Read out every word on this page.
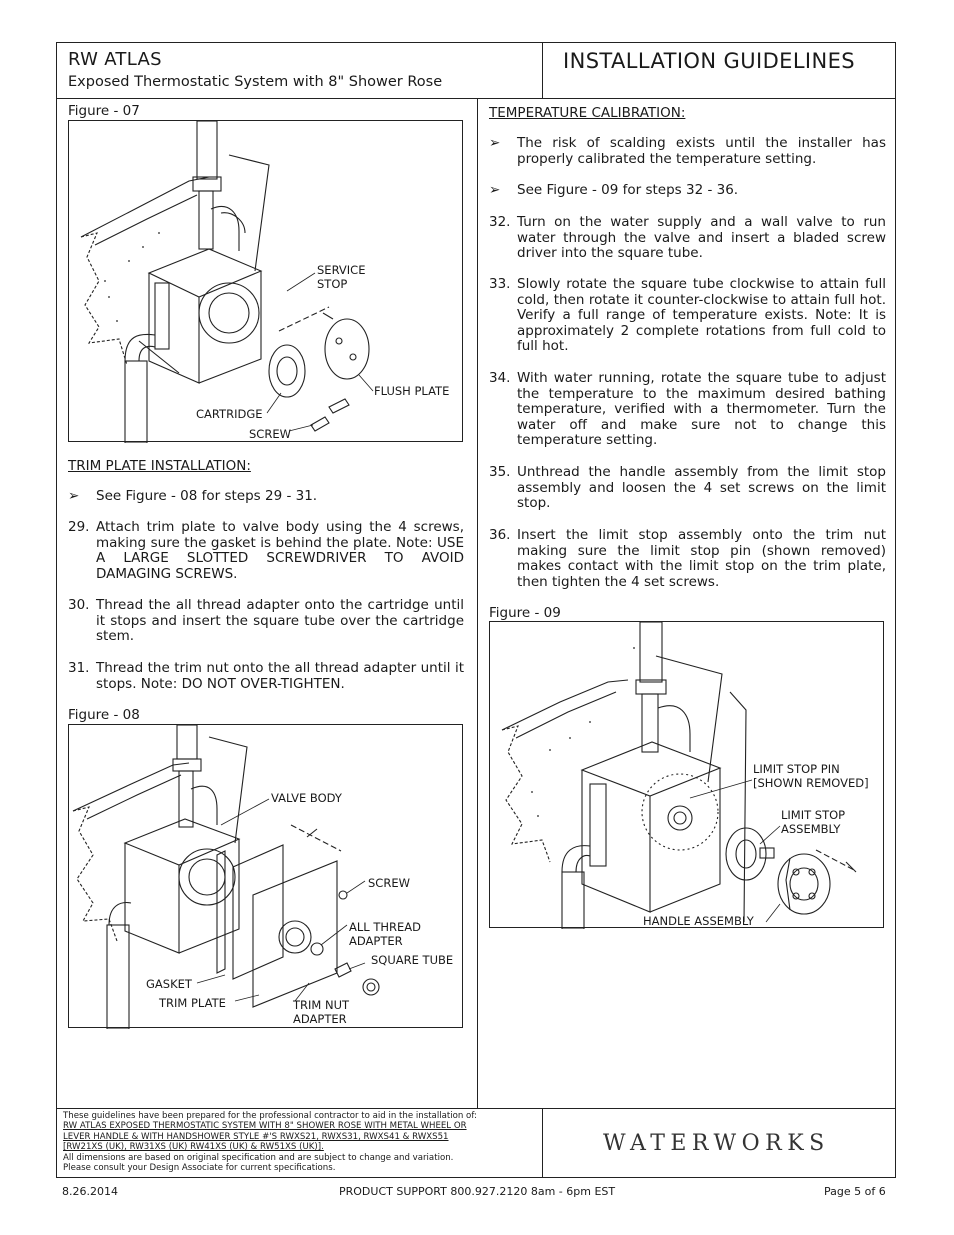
RW ATLAS
Exposed Thermostatic System with 8" Shower Rose
INSTALLATION GUIDELINES
These guidelines have been prepared for the professional contractor to aid in the installation of:
RW ATLAS EXPOSED THERMOSTATIC SYSTEM WITH 8" SHOWER ROSE WITH METAL WHEEL OR
LEVER HANDLE & WITH HANDSHOWER STYLE #'S RWXS21, RWXS31, RWXS41 & RWXS51
[RW21XS (UK), RW31XS (UK) RW41XS (UK) & RW51XS (UK)].
All dimensions are based on original specification and are subject to change and variation.
Please consult your Design Associate for current specifications.
WATERWORKS
Figure - 07
SERVICE
STOP
FLUSH PLATE
CARTRIDGE
SCREW
TRIM PLATE INSTALLATION:
➢ See Figure - 08 for steps 29 - 31.
29. Attach trim plate to valve body using the 4 screws, making sure the gasket is behind the plate. Note: USE A LARGE SLOTTED SCREWDRIVER TO AVOID DAMAGING SCREWS.
30. Thread the all thread adapter onto the cartridge until it stops and insert the square tube over the cartridge stem.
31. Thread the trim nut onto the all thread adapter until it stops. Note: DO NOT OVER-TIGHTEN.
Figure - 08
VALVE BODY
SCREW
ALL THREAD
ADAPTER
SQUARE TUBE
GASKET
TRIM PLATE	TRIM NUT
ADAPTER
TEMPERATURE CALIBRATION:
➢ The risk of scalding exists until the installer has properly calibrated the temperature setting.
➢ See Figure - 09 for steps 32 - 36.
32. Turn on the water supply and a wall valve to run water through the valve and insert a bladed screw driver into the square tube.
33. Slowly rotate the square tube clockwise to attain full cold, then rotate it counter-clockwise to attain full hot. Verify a full range of temperature exists. Note: It is approximately 2 complete rotations from full cold to full hot.
34. With water running, rotate the square tube to adjust the temperature to the maximum desired bathing temperature, verified with a thermometer. Turn the water off and make sure not to change this temperature setting.
35. Unthread the handle assembly from the limit stop assembly and loosen the 4 set screws on the limit stop.
36. Insert the limit stop assembly onto the trim nut making sure the limit stop pin (shown removed) makes contact with the limit stop on the trim plate, then tighten the 4 set screws.
Figure - 09
LIMIT STOP PIN
[SHOWN REMOVED]
LIMIT STOP
ASSEMBLY
HANDLE ASSEMBLY
8.26.2014	PRODUCT SUPPORT 800.927.2120 8am - 6pm EST	Page 5 of 6
